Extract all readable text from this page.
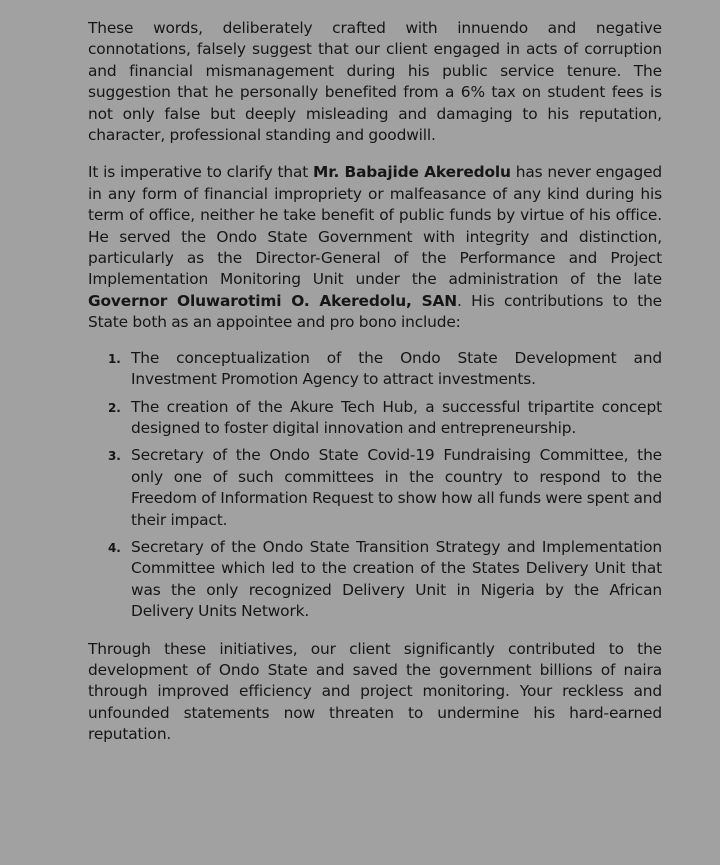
These words, deliberately crafted with innuendo and negative connotations, falsely suggest that our client engaged in acts of corruption and financial mismanagement during his public service tenure. The suggestion that he personally benefited from a 6% tax on student fees is not only false but deeply misleading and damaging to his reputation, character, professional standing and goodwill.

It is imperative to clarify that Mr. Babajide Akeredolu has never engaged in any form of financial impropriety or malfeasance of any kind during his term of office, neither he take benefit of public funds by virtue of his office. He served the Ondo State Government with integrity and distinction, particularly as the Director-General of the Performance and Project Implementation Monitoring Unit under the administration of the late Governor Oluwarotimi O. Akeredolu, SAN. His contributions to the State both as an appointee and pro bono include:

1. The conceptualization of the Ondo State Development and Investment Promotion Agency to attract investments.
2. The creation of the Akure Tech Hub, a successful tripartite concept designed to foster digital innovation and entrepreneurship.
3. Secretary of the Ondo State Covid-19 Fundraising Committee, the only one of such committees in the country to respond to the Freedom of Information Request to show how all funds were spent and their impact.
4. Secretary of the Ondo State Transition Strategy and Implementation Committee which led to the creation of the States Delivery Unit that was the only recognized Delivery Unit in Nigeria by the African Delivery Units Network.

Through these initiatives, our client significantly contributed to the development of Ondo State and saved the government billions of naira through improved efficiency and project monitoring. Your reckless and unfounded statements now threaten to undermine his hard-earned reputation.
